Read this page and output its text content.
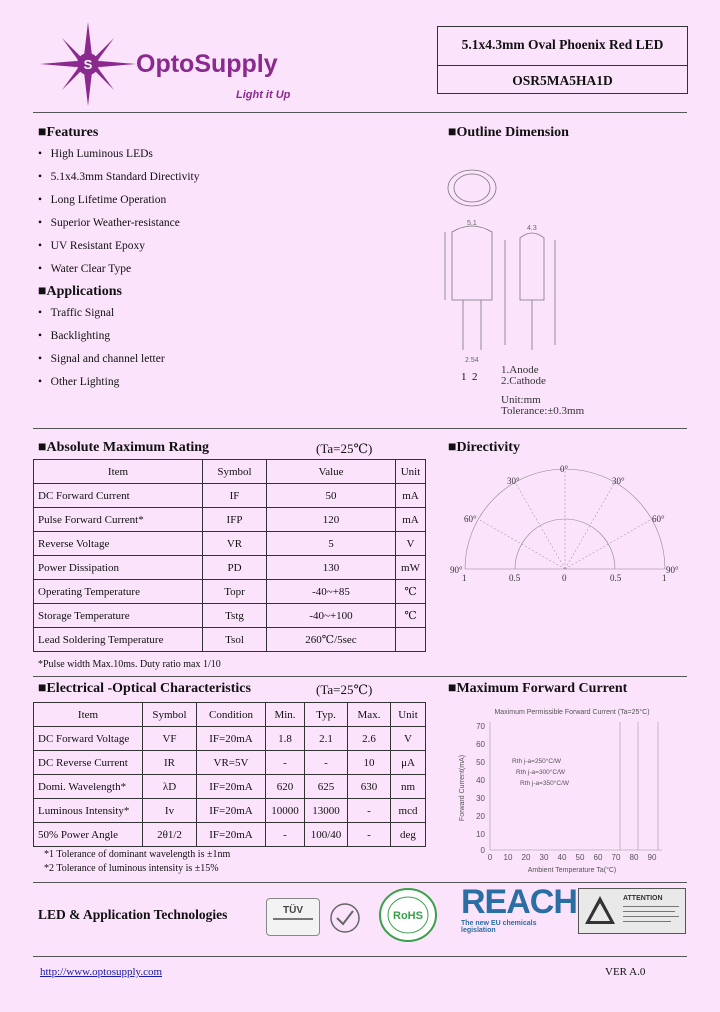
S OptoSupply
Light it Up
5.1x4.3mm Oval Phoenix Red LED
OSR5MA5HA1D
■Features
•   High Luminous LEDs
•   5.1x4.3mm Standard Directivity
•   Long Lifetime Operation
•   Superior Weather-resistance
•   UV Resistant Epoxy
•   Water Clear Type
■Applications
•   Traffic Signal
•   Backlighting
•   Signal and channel letter
•   Other Lighting
■Outline Dimension
5.1
4.3
2.54
1.Anode
2.Cathode
Unit:mm
Tolerance:±0.3mm
1 2
■Absolute Maximum Rating	(Ta=25℃)
Item	Symbol	Value	Unit
DC Forward Current	IF	50	mA
Pulse Forward Current*	IFP	120	mA
Reverse Voltage	VR	5	V
Power Dissipation	PD	130	mW
Operating Temperature	Topr	-40~+85	℃
Storage Temperature	Tstg	-40~+100	℃
Lead Soldering Temperature	Tsol	260℃/5sec	
*Pulse width Max.10ms. Duty ratio max 1/10
■Directivity
0°
30°	30°
60°	60°
90°	90°
1	0.5	0	0.5	1
■Electrical -Optical Characteristics	(Ta=25℃)
Item	Symbol	Condition	Min.	Typ.	Max.	Unit
DC Forward Voltage	VF	IF=20mA	1.8	2.1	2.6	V
DC Reverse Current	IR	VR=5V	-	-	10	μA
Domi. Wavelength*	λD	IF=20mA	620	625	630	nm
Luminous Intensity*	Iv	IF=20mA	10000	13000	-	mcd
50% Power Angle	2θ1/2	IF=20mA	-	100/40	-	deg
*1 Tolerance of dominant wavelength is ±1nm
*2 Tolerance of luminous intensity is ±15%
■Maximum Forward Current
Maximum Permissible Forward Current (Ta=25°C)
70
60
50
40
30
20
10
0
0 10 20 30 40 50 60 70 80 90
Ambient Temperature Ta(°C)
Forward Current(mA)	Rth j-a=250°C/W
Rth j-a=300°C/W
Rth j-a=350°C/W
LED & Application Technologies	TÜV	RoHS REACH
The new EU chemicals legislation
ATTENTION
http://www.optosupply.com	VER A.0
